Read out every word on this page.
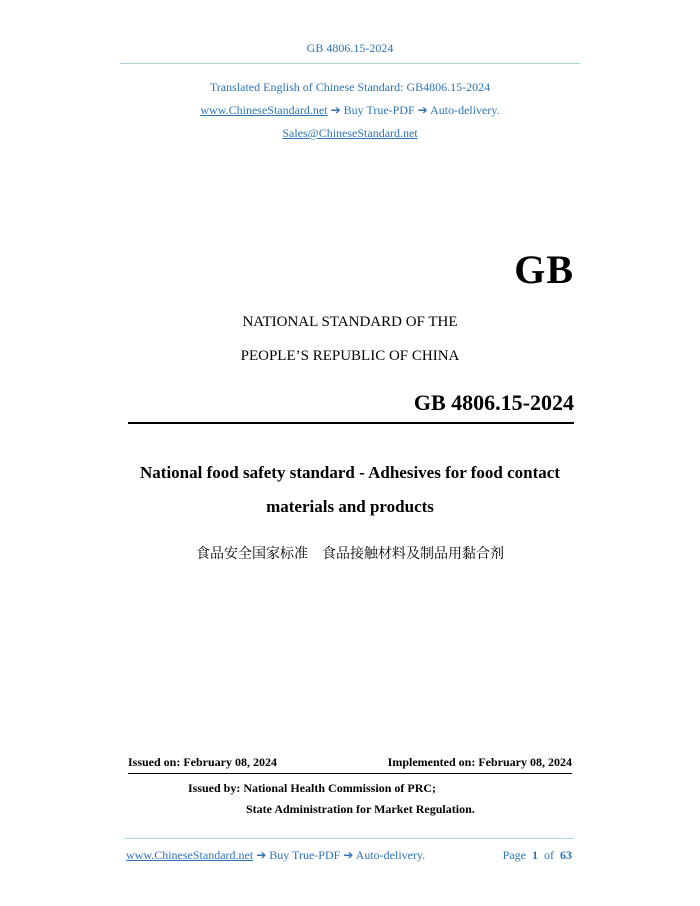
GB 4806.15-2024
Translated English of Chinese Standard: GB4806.15-2024
www.ChineseStandard.net ➔ Buy True-PDF ➔ Auto-delivery.
Sales@ChineseStandard.net
GB
NATIONAL STANDARD OF THE
PEOPLE’S REPUBLIC OF CHINA
GB 4806.15-2024
National food safety standard - Adhesives for food contact
materials and products
食品安全国家标准　食品接触材料及制品用黏合剂
Issued on: February 08, 2024	Implemented on: February 08, 2024
Issued by: National Health Commission of PRC;
State Administration for Market Regulation.
www.ChineseStandard.net ➔ Buy True-PDF ➔ Auto-delivery.	Page 1 of 63
